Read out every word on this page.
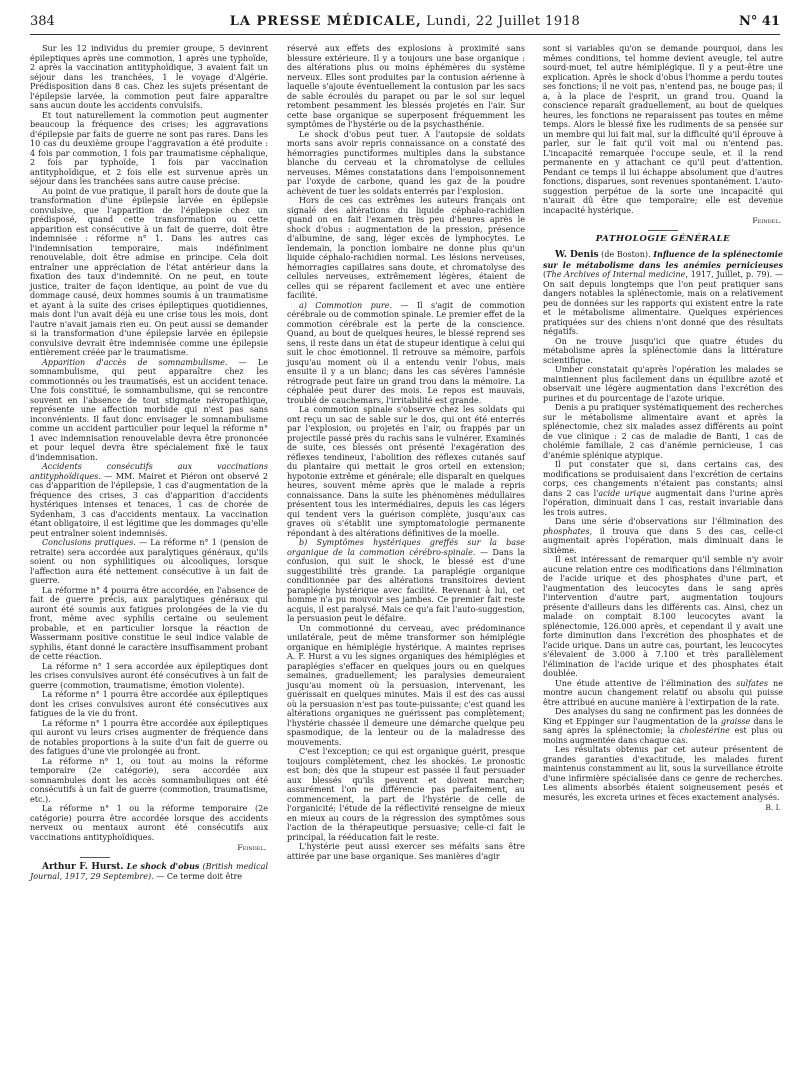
384	LA PRESSE MÉDICALE, Lundi, 22 Juillet 1918	N° 41

Sur les 12 individus du premier groupe, 5 devinrent épileptiques après une commotion, 1 après une typhoïde, 2 après la vaccination antityphoïdique, 3 avaient fait un séjour dans les tranchées, 1 le voyage d'Algérie. Prédisposition dans 8 cas. Chez les sujets présentant de l'épilepsie larvée, la commotion peut faire apparaître sans aucun doute les accidents convulsifs.

Et tout naturellement la commotion peut augmenter beaucoup la fréquence des crises; les aggravations d'épilepsie par faits de guerre ne sont pas rares. Dans les 10 cas du deuxième groupe l'aggravation a été produite : 4 fois par commotion, 1 fois par traumatisme céphalique, 2 fois par typhoïde, 1 fois par vaccination antityphoïdique, et 2 fois elle est survenue après un séjour dans les tranchées sans autre cause précise.

Au point de vue pratique, il paraît hors de doute que la transformation d'une épilepsie larvée en épilepsie convulsive, que l'apparition de l'épilepsie chez un prédisposé, quand cette transformation ou cette apparition est consécutive à un fait de guerre, doit être indemnisée : réforme n° 1. Dans les autres cas l'indemnisation temporaire, mais indéfiniment renouvelable, doit être admise en principe. Cela doit entraîner une appréciation de l'état antérieur dans la fixation des taux d'indemnité. On ne peut, en toute justice, traiter de façon identique, au point de vue du dommage causé, deux hommes soumis à un traumatisme et ayant à la suite des crises épileptiques quotidiennes, mais dont l'un avait déjà eu une crise tous les mois, dont l'autre n'avait jamais rien eu. On peut aussi se demander si la transformation d'une épilepsie larvée en épilepsie convulsive devrait être indemnisée comme une épilepsie entièrement créée par le traumatisme.

Apparition d'accès de somnambulisme. — Le somnambulisme, qui peut apparaître chez les commotionnés ou les traumatisés, est un accident tenace. Une fois constitué, le somnambulisme, qui se rencontre souvent en l'absence de tout stigmate névropathique, représente une affection morbide qui n'est pas sans inconvénients. Il faut donc envisager le somnambulisme comme un accident particulier pour lequel la réforme n° 1 avec indemnisation renouvelable devra être prononcée et pour lequel devra être spécialement fixé le taux d'indemnisation.

Accidents consécutifs aux vaccinations antityphoïdiques. — MM. Mairet et Piéron ont observé 2 cas d'apparition de l'épilepsie, 1 cas d'augmentation de la fréquence des crises, 3 cas d'apparition d'accidents hystériques intenses et tenaces, 1 cas de chorée de Sydenham, 3 cas d'accidents mentaux. La vaccination étant obligatoire, il est légitime que les dommages qu'elle peut entraîner soient indemnisés.

Conclusions pratiques. — La réforme n° 1 (pension de retraite) sera accordée aux paralytiques généraux, qu'ils soient ou non syphilitiques ou alcooliques, lorsque l'affection aura été nettement consécutive à un fait de guerre.

La réforme n° 4 pourra être accordée, en l'absence de fait de guerre précis, aux paralytiques généraux qui auront été soumis aux fatigues prolongées de la vie du front, même avec syphilis certaine ou seulement probable, et en particulier lorsque la réaction de Wassermann positive constitue le seul indice valable de syphilis, étant donné le caractère insuffisamment probant de cette réaction.

La réforme n° 1 sera accordée aux épileptiques dont les crises convulsives auront été consécutives à un fait de guerre (commotion, traumatisme, émotion violente).

La réforme n° 1 pourra être accordée aux épileptiques dont les crises convulsives auront été consécutives aux fatigues de la vie du front.

La réforme n° 1 pourra être accordée aux épileptiques qui auront vu leurs crises augmenter de fréquence dans de notables proportions à la suite d'un fait de guerre ou des fatigues d'une vie prolongée au front.

La réforme n° 1, ou tout au moins la réforme temporaire (2e catégorie), sera accordée aux somnambules dont les accès somnambuliques ont été consécutifs à un fait de guerre (commotion, traumatisme, etc.).

La réforme n° 1 ou la réforme temporaire (2e catégorie) pourra être accordée lorsque des accidents nerveux ou mentaux auront été consécutifs aux vaccinations antityphoïdiques.

Feindel.

Arthur F. Hurst. Le shock d'obus (British medical Journal, 1917, 29 Septembre). — Ce terme doit être

réservé aux effets des explosions à proximité sans blessure extérieure. Il y a toujours une base organique : des altérations plus ou moins éphémères du système nerveux. Elles sont produites par la contusion aérienne à laquelle s'ajoute éventuellement la contusion par les sacs de sable écroulés du parapet ou par le sol sur lequel retombent pesamment les blessés projetés en l'air. Sur cette base organique se superposent fréquemment les symptômes de l'hystérie ou de la psychasthénie.

Le shock d'obus peut tuer. A l'autopsie de soldats morts sans avoir repris connaissance on a constaté des hémorragies punctiformes multiples dans la substance blanche du cerveau et la chromatolyse de cellules nerveuses. Mêmes constatations dans l'empoisonnement par l'oxyde de carbone, quand les gaz de la poudre achèvent de tuer les soldats enterrés par l'explosion.

Hors de ces cas extrêmes les auteurs français ont signalé des altérations du liquide céphalo-rachidien quand on en fait l'examen très peu d'heures après le shock d'obus : augmentation de la pression, présence d'albumine, de sang, léger excès de lymphocytes. Le lendemain, la ponction lombaire ne donne plus qu'un liquide céphalo-rachidien normal. Les lésions nerveuses, hémorragies capillaires sans doute, et chromatolyse des cellules nerveuses, extrêmement légères, étaient de celles qui se réparent facilement et avec une entière facilité.

a) Commotion pure. — Il s'agit de commotion cérébrale ou de commotion spinale. Le premier effet de la commotion cérébrale est la perte de la conscience. Quand, au bout de quelques heures, le blessé reprend ses sens, il reste dans un état de stupeur identique à celui qui suit le choc émotionnel. Il retrouve sa mémoire, parfois jusqu'au moment où il a entendu venir l'obus, mais ensuite il y a un blanc; dans les cas sévères l'amnésie rétrograde peut faire un grand trou dans la mémoire. La céphalée peut durer des mois. Le repos est mauvais, troublé de cauchemars, l'irritabilité est grande.

La commotion spinale s'observe chez les soldats qui ont reçu un sac de sable sur le dos, qui ont été enterrés par l'explosion, ou projetés en l'air, ou frappés par un projectile passé près du rachis sans le vulnérer. Examinés de suite, ces blessés ont présenté l'exagération des réflexes tendineux, l'abolition des réflexes cutanés sauf du plantaire qui mettait le gros orteil en extension; hypotonie extrême et générale; elle disparaît en quelques heures, souvent même après que le malade a repris connaissance. Dans la suite les phénomènes médullaires présentent tous les intermédiaires, depuis les cas légers qui tendent vers la guérison complète, jusqu'aux cas graves où s'établit une symptomatologie permanente répondant à des altérations définitives de la moelle.

b) Symptômes hystériques greffés sur la base organique de la commotion cérébro-spinale. — Dans la confusion, qui suit le shock, le blessé est d'une suggestibilité très grande. La paraplégie organique conditionnée par des altérations transitoires devient paraplégie hystérique avec facilité. Revenant à lui, cet homme n'a pu mouvoir ses jambes. Ce premier fait reste acquis, il est paralysé. Mais ce qu'a fait l'auto-suggestion, la persuasion peut le défaire.

Un commotionné du cerveau, avec prédominance unilatérale, peut de même transformer son hémiplégie organique en hémiplégie hystérique. A maintes reprises A. F. Hurst a vu les signes organiques des hémiplégies et paraplégies s'effacer en quelques jours ou en quelques semaines, graduellement; les paralysies demeuraient jusqu'au moment où la persuasion, intervenant, les guérissait en quelques minutes. Mais il est des cas aussi où la persuasion n'est pas toute-puissante; c'est quand les altérations organiques ne guérissent pas complètement; l'hystérie chassée il demeure une démarche quelque peu spasmodique, de la lenteur ou de la maladresse des mouvements.

C'est l'exception; ce qui est organique guérit, presque toujours complètement, chez les shockés. Le pronostic est bon; dès que la stupeur est passée il faut persuader aux blessés qu'ils peuvent et doivent marcher; assurément l'on ne différencie pas parfaitement, au commencement, la part de l'hystérie de celle de l'organicité; l'étude de la réflectivité renseigne de mieux en mieux au cours de la régression des symptômes sous l'action de la thérapeutique persuasive; celle-ci fait le principal, la rééducation fait le reste.

L'hystérie peut aussi exercer ses méfaits sans être attirée par une base organique. Ses manières d'agir

sont si variables qu'on se demande pourquoi, dans les mêmes conditions, tel homme devient aveugle, tel autre sourd-muet, tel autre hémiplégique. Il y a peut-être une explication. Après le shock d'obus l'homme a perdu toutes ses fonctions; il ne voit pas, n'entend pas, ne bouge pas; il a, à la place de l'esprit, un grand trou. Quand la conscience reparaît graduellement, au bout de quelques heures, les fonctions ne reparaissent pas toutes en même temps. Alors le blessé fixe les rudiments de sa pensée sur un membre qui lui fait mal, sur la difficulté qu'il éprouve à parler, sur le fait qu'il voit mal ou n'entend pas. L'incapacité remarquée l'occupe seule, et il la rend permanente en y attachant ce qu'il peut d'attention. Pendant ce temps il lui échappe absolument que d'autres fonctions, disparues, sont revenues spontanément. L'auto-suggestion perpétue de la sorte une incapacité qui n'aurait dû être que temporaire; elle est devenue incapacité hystérique.

Feindel.
PATHOLOGIE GÉNÉRALE

W. Denis (de Boston). Influence de la splénectomie sur le métabolisme dans les anémies pernicieuses (The Archives of Internal medicine, 1917, Juillet, p. 79). — On sait depuis longtemps que l'on peut pratiquer sans dangers notables la splénectomie, mais on a relativement peu de données sur les rapports qui existent entre la rate et le métabolisme alimentaire. Quelques expériences pratiquées sur des chiens n'ont donné que des résultats négatifs.

On ne trouve jusqu'ici que quatre études du métabolisme après la splénectomie dans la littérature scientifique.

Umber constatait qu'après l'opération les malades se maintiennent plus facilement dans un équilibre azoté et observait une légère augmentation dans l'excrétion des purines et du pourcentage de l'azote urique.

Denis a pu pratiquer systématiquement des recherches sur le métabolisme alimentaire avant et après la splénectomie, chez six malades assez différents au point de vue clinique : 2 cas de maladie de Banti, 1 cas de cholémie familiale, 2 cas d'anémie pernicieuse, 1 cas d'anémie splénique atypique.

Il put constater que si, dans certains cas, des modifications se produisaient dans l'excrétion de certains corps, ces changements n'étaient pas constants; ainsi dans 2 cas l'acide urique augmentait dans l'urine après l'opération, diminuait dans 1 cas, restait invariable dans les trois autres.

Dans une série d'observations sur l'élimination des phosphates, il trouva que dans 5 des cas, celle-ci augmentait après l'opération, mais diminuait dans le sixième.

Il est intéressant de remarquer qu'il semble n'y avoir aucune relation entre ces modifications dans l'élimination de l'acide urique et des phosphates d'une part, et l'augmentation des leucocytes dans le sang après l'intervention d'autre part, augmentation toujours présente d'ailleurs dans les différents cas. Ainsi, chez un malade on comptait 8.100 leucocytes avant la splénectomie, 126.000 après, et cependant il y avait une forte diminution dans l'excrétion des phosphates et de l'acide urique. Dans un autre cas, pourtant, les leucocytes s'élevaient de 3.000 à 7.100 et très parallèlement l'élimination de l'acide urique et des phosphates était doublée.

Une étude attentive de l'élimination des sulfates ne montre aucun changement relatif ou absolu qui puisse être attribué en aucune manière à l'extirpation de la rate.

Des analyses du sang ne confirment pas les données de King et Eppinger sur l'augmentation de la graisse dans le sang après la splénectomie; la cholestérine est plus ou moins augmentée dans chaque cas.

Les résultats obtenus par cet auteur présentent de grandes garanties d'exactitude, les malades furent maintenus constamment au lit, sous la surveillance étroite d'une infirmière spécialisée dans ce genre de recherches. Les aliments absorbés étaient soigneusement pesés et mesurés, les excreta urines et fèces exactement analysés.

B. I.
